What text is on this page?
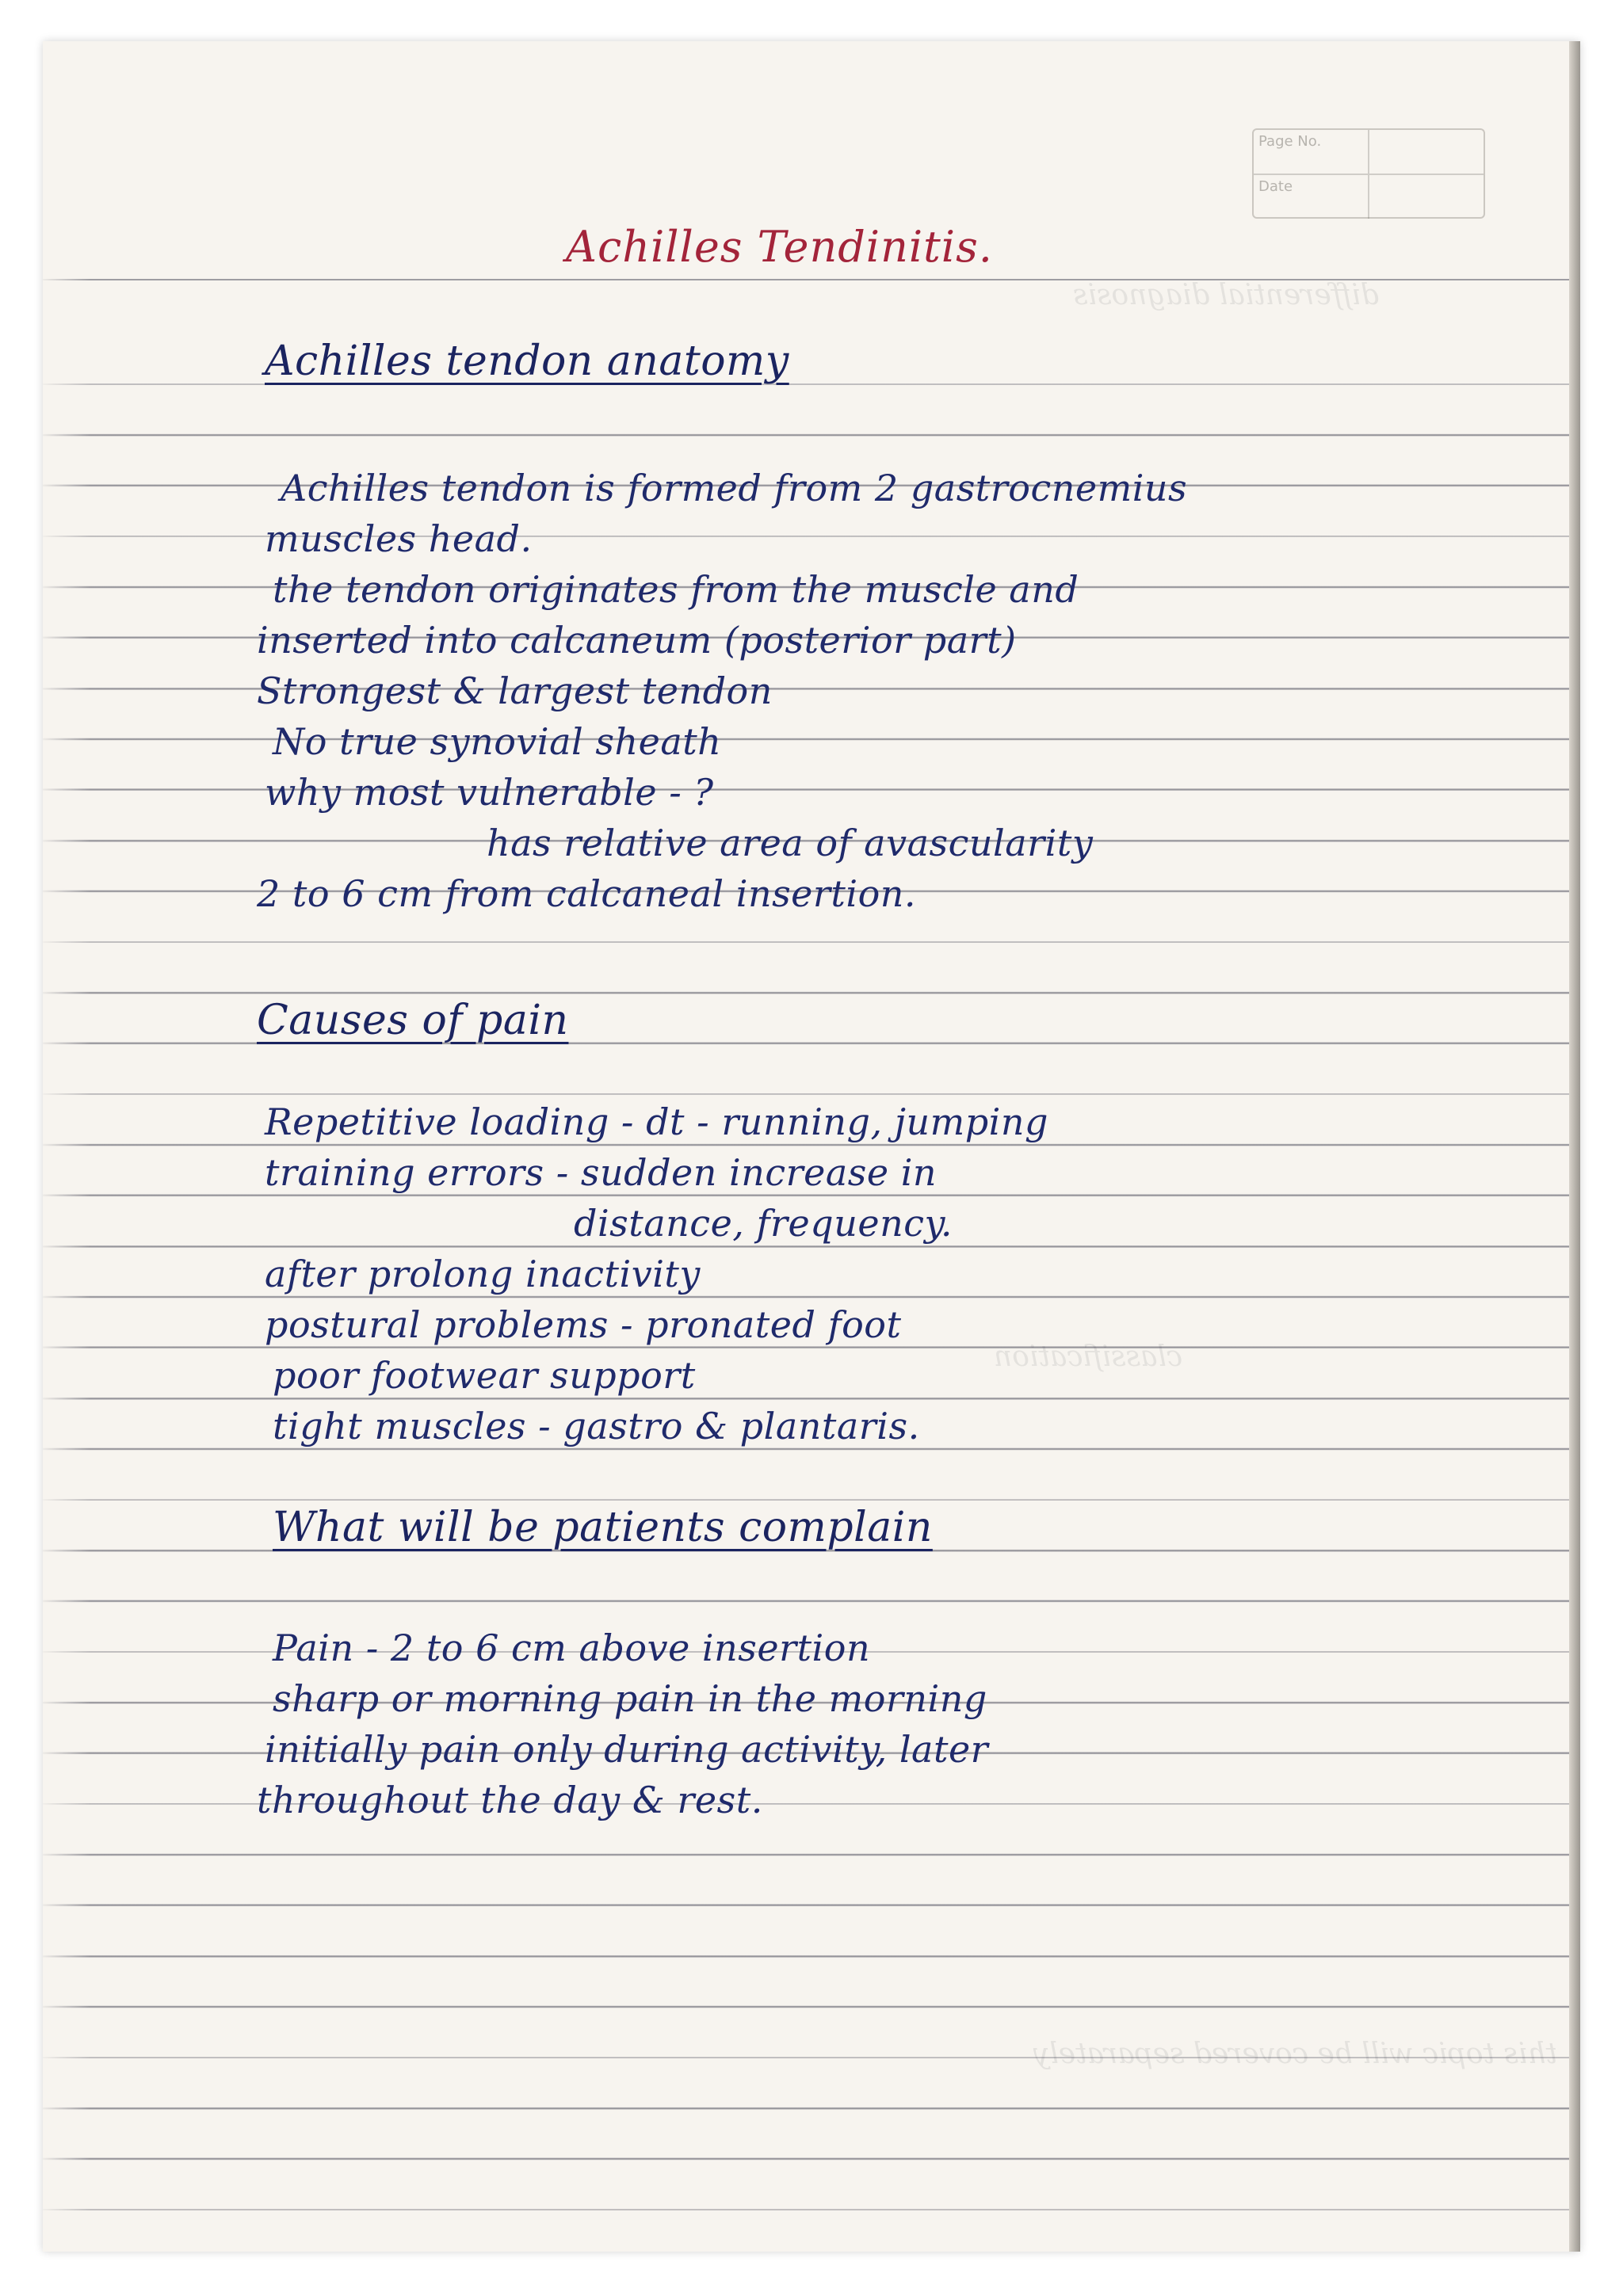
Page No.
Date
differential diagnosis
classification
this topic will be covered separately
Achilles Tendinitis.
Achilles tendon anatomy
Achilles tendon is formed from 2 gastrocnemius
muscles head.
the tendon originates from the muscle and
inserted into calcaneum (posterior part)
Strongest & largest tendon
No true synovial sheath
why most vulnerable - ?
has relative area of avascularity
2 to 6 cm from calcaneal insertion.
Causes of pain
Repetitive loading - dt - running, jumping
training errors - sudden increase in
distance, frequency.
after prolong inactivity
postural problems - pronated foot
poor footwear support
tight muscles - gastro & plantaris.
What will be patients complain
Pain - 2 to 6 cm above insertion
sharp or morning pain in the morning
initially pain only during activity, later
throughout the day & rest.
